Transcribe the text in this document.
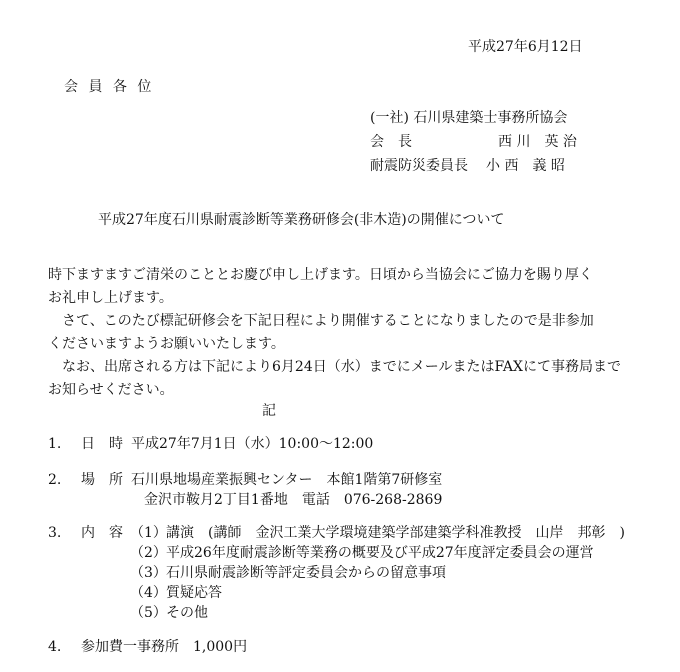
平成27年6月12日
会 員 各 位
(一社) 石川県建築士事務所協会
会　長	西 川　英 治
耐震防災委員長 小 西　義 昭
平成27年度石川県耐震診断等業務研修会(非木造)の開催について
時下ますますご清栄のこととお慶び申し上げます。日頃から当協会にご協力を賜り厚く
お礼申し上げます。
　さて、このたび標記研修会を下記日程により開催することになりましたので是非参加
くださいますようお願いいたします。
　なお、出席される方は下記により6月24日（水）までにメールまたはFAXにて事務局まで
お知らせください。
記
1. 日　時 平成27年7月1日（水）10:00～12:00
2. 場　所 石川県地場産業振興センター　本館1階第7研修室
金沢市鞍月2丁目1番地　電話　076-268-2869
3. 内　容 （1）講演　(講師　金沢工業大学環境建築学部建築学科准教授　山岸　邦彰　)
（2）平成26年度耐震診断等業務の概要及び平成27年度評定委員会の運営
（3）石川県耐震診断等評定委員会からの留意事項
（4）質疑応答
（5）その他
4. 参加費一事務所　1,000円
